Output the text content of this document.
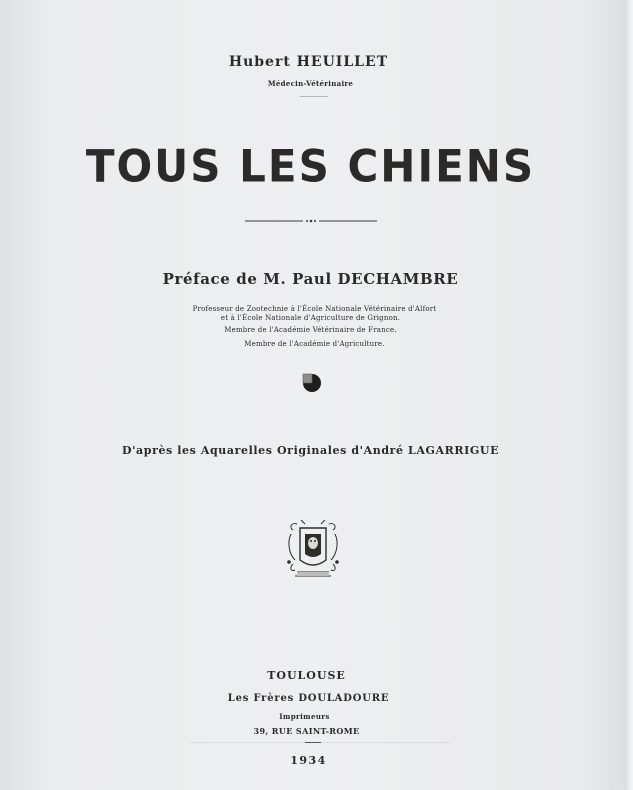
Hubert HEUILLET
Médecin-Vétérinaire
TOUS LES CHIENS
Préface de M. Paul DECHAMBRE
Professeur de Zootechnie à l'École Nationale Vétérinaire d'Alfort
et à l'École Nationale d'Agriculture de Grignon.
Membre de l'Académie Vétérinaire de France.
Membre de l'Académie d'Agriculture.
D'après les Aquarelles Originales d'André LAGARRIGUE
TOULOUSE
Les Frères DOULADOURE
Imprimeurs
39, RUE SAINT-ROME
1934
